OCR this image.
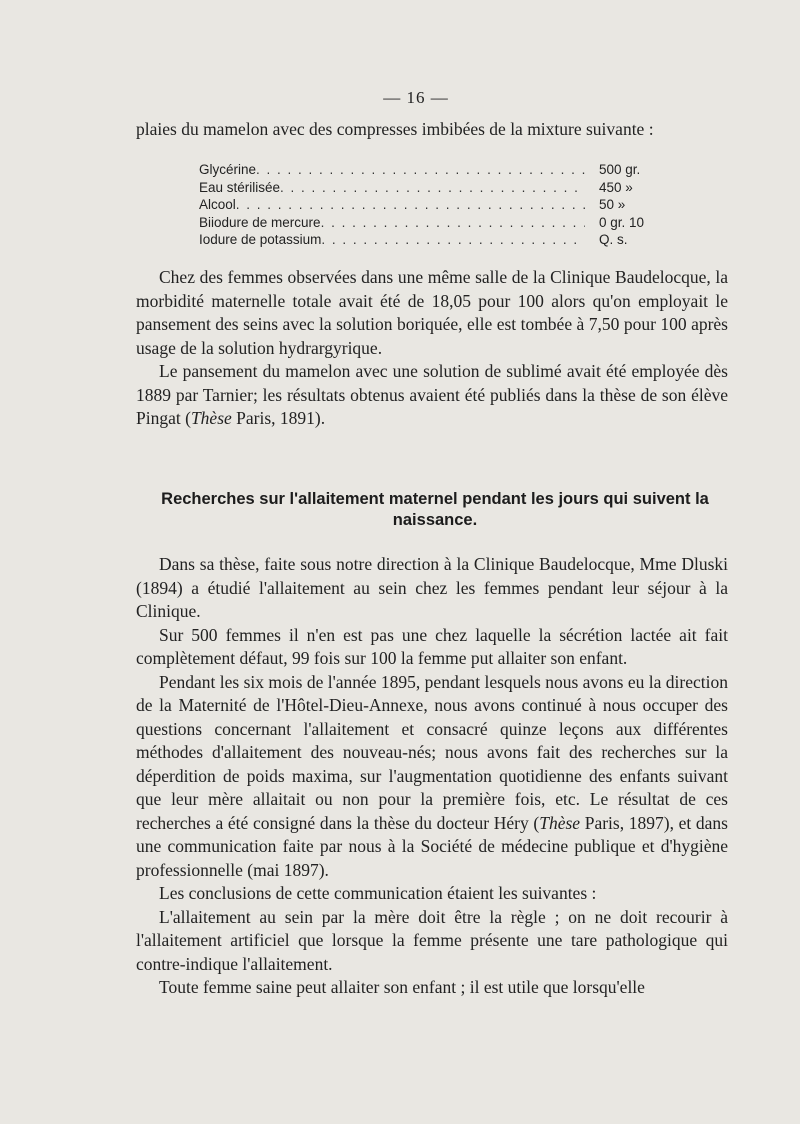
— 16 —

plaies du mamelon avec des compresses imbibées de la mixture suivante :

Glycérine . . .	500 gr.
Eau stérilisée . . .	450 »
Alcool . . .	50 »
Biiodure de mercure . . .	0 gr. 10
Iodure de potassium . . .	Q. s.

Chez des femmes observées dans une même salle de la Clinique Baudelocque, la morbidité maternelle totale avait été de 18,05 pour 100 alors qu'on employait le pansement des seins avec la solution boriquée, elle est tombée à 7,50 pour 100 après usage de la solution hydrargyrique.

Le pansement du mamelon avec une solution de sublimé avait été employée dès 1889 par Tarnier; les résultats obtenus avaient été publiés dans la thèse de son élève Pingat (Thèse Paris, 1891).

Recherches sur l'allaitement maternel pendant les jours qui suivent la naissance.

Dans sa thèse, faite sous notre direction à la Clinique Baudelocque, Mme Dluski (1894) a étudié l'allaitement au sein chez les femmes pendant leur séjour à la Clinique.

Sur 500 femmes il n'en est pas une chez laquelle la sécrétion lactée ait fait complètement défaut, 99 fois sur 100 la femme put allaiter son enfant.

Pendant les six mois de l'année 1895, pendant lesquels nous avons eu la direction de la Maternité de l'Hôtel-Dieu-Annexe, nous avons continué à nous occuper des questions concernant l'allaitement et consacré quinze leçons aux différentes méthodes d'allaitement des nouveau-nés; nous avons fait des recherches sur la déperdition de poids maxima, sur l'augmentation quotidienne des enfants suivant que leur mère allaitait ou non pour la première fois, etc. Le résultat de ces recherches a été consigné dans la thèse du docteur Héry (Thèse Paris, 1897), et dans une communication faite par nous à la Société de médecine publique et d'hygiène professionnelle (mai 1897).

Les conclusions de cette communication étaient les suivantes :

L'allaitement au sein par la mère doit être la règle ; on ne doit recourir à l'allaitement artificiel que lorsque la femme présente une tare pathologique qui contre-indique l'allaitement.

Toute femme saine peut allaiter son enfant ; il est utile que lorsqu'elle
